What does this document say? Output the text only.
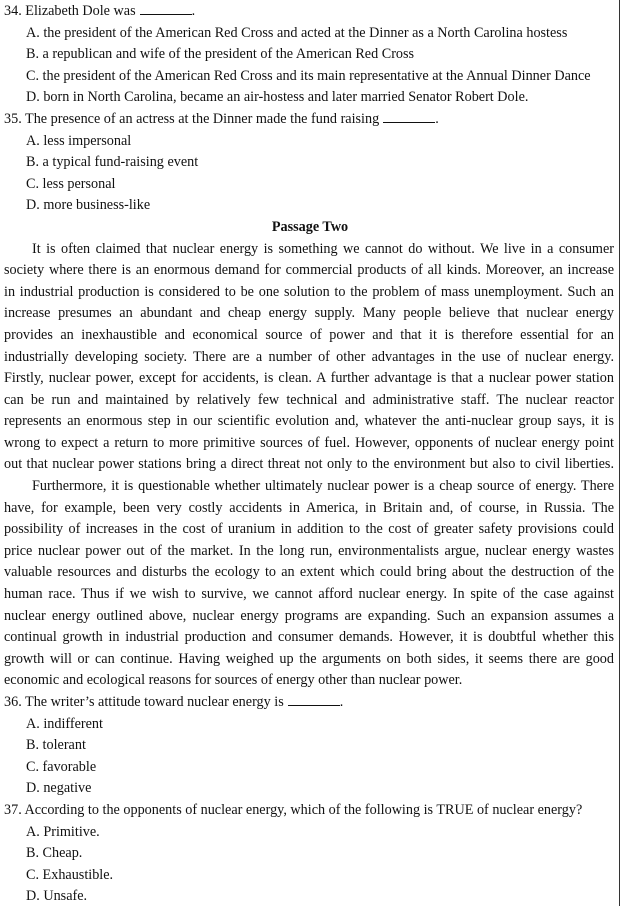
34. Elizabeth Dole was	.
A. the president of the American Red Cross and acted at the Dinner as a North Carolina hostess
B. a republican and wife of the president of the American Red Cross
C. the president of the American Red Cross and its main representative at the Annual Dinner Dance
D. born in North Carolina, became an air-hostess and later married Senator Robert Dole.
35. The presence of an actress at the Dinner made the fund raising	.
A. less impersonal
B. a typical fund-raising event
C. less personal
D. more business-like
Passage Two
It is often claimed that nuclear energy is something we cannot do without. We live in a consumer
society where there is an enormous demand for commercial products of all kinds. Moreover, an increase
in industrial production is considered to be one solution to the problem of mass unemployment. Such an
increase presumes an abundant and cheap energy supply. Many people believe that nuclear energy
provides an inexhaustible and economical source of power and that it is therefore essential for an
industrially developing society. There are a number of other advantages in the use of nuclear energy.
Firstly, nuclear power, except for accidents, is clean. A further advantage is that a nuclear power station
can be run and maintained by relatively few technical and administrative staff. The nuclear reactor
represents an enormous step in our scientific evolution and, whatever the anti-nuclear group says, it is
wrong to expect a return to more primitive sources of fuel. However, opponents of nuclear energy point
out that nuclear power stations bring a direct threat not only to the environment but also to civil liberties.
Furthermore, it is questionable whether ultimately nuclear power is a cheap source of energy. There
have, for example, been very costly accidents in America, in Britain and, of course, in Russia. The
possibility of increases in the cost of uranium in addition to the cost of greater safety provisions could
price nuclear power out of the market. In the long run, environmentalists argue, nuclear energy wastes
valuable resources and disturbs the ecology to an extent which could bring about the destruction of the
human race. Thus if we wish to survive, we cannot afford nuclear energy. In spite of the case against
nuclear energy outlined above, nuclear energy programs are expanding. Such an expansion assumes a
continual growth in industrial production and consumer demands. However, it is doubtful whether this
growth will or can continue. Having weighed up the arguments on both sides, it seems there are good
economic and ecological reasons for sources of energy other than nuclear power.
36. The writer’s attitude toward nuclear energy is	.
A. indifferent
B. tolerant
C. favorable
D. negative
37. According to the opponents of nuclear energy, which of the following is TRUE of nuclear energy?
A. Primitive.
B. Cheap.
C. Exhaustible.
D. Unsafe.
